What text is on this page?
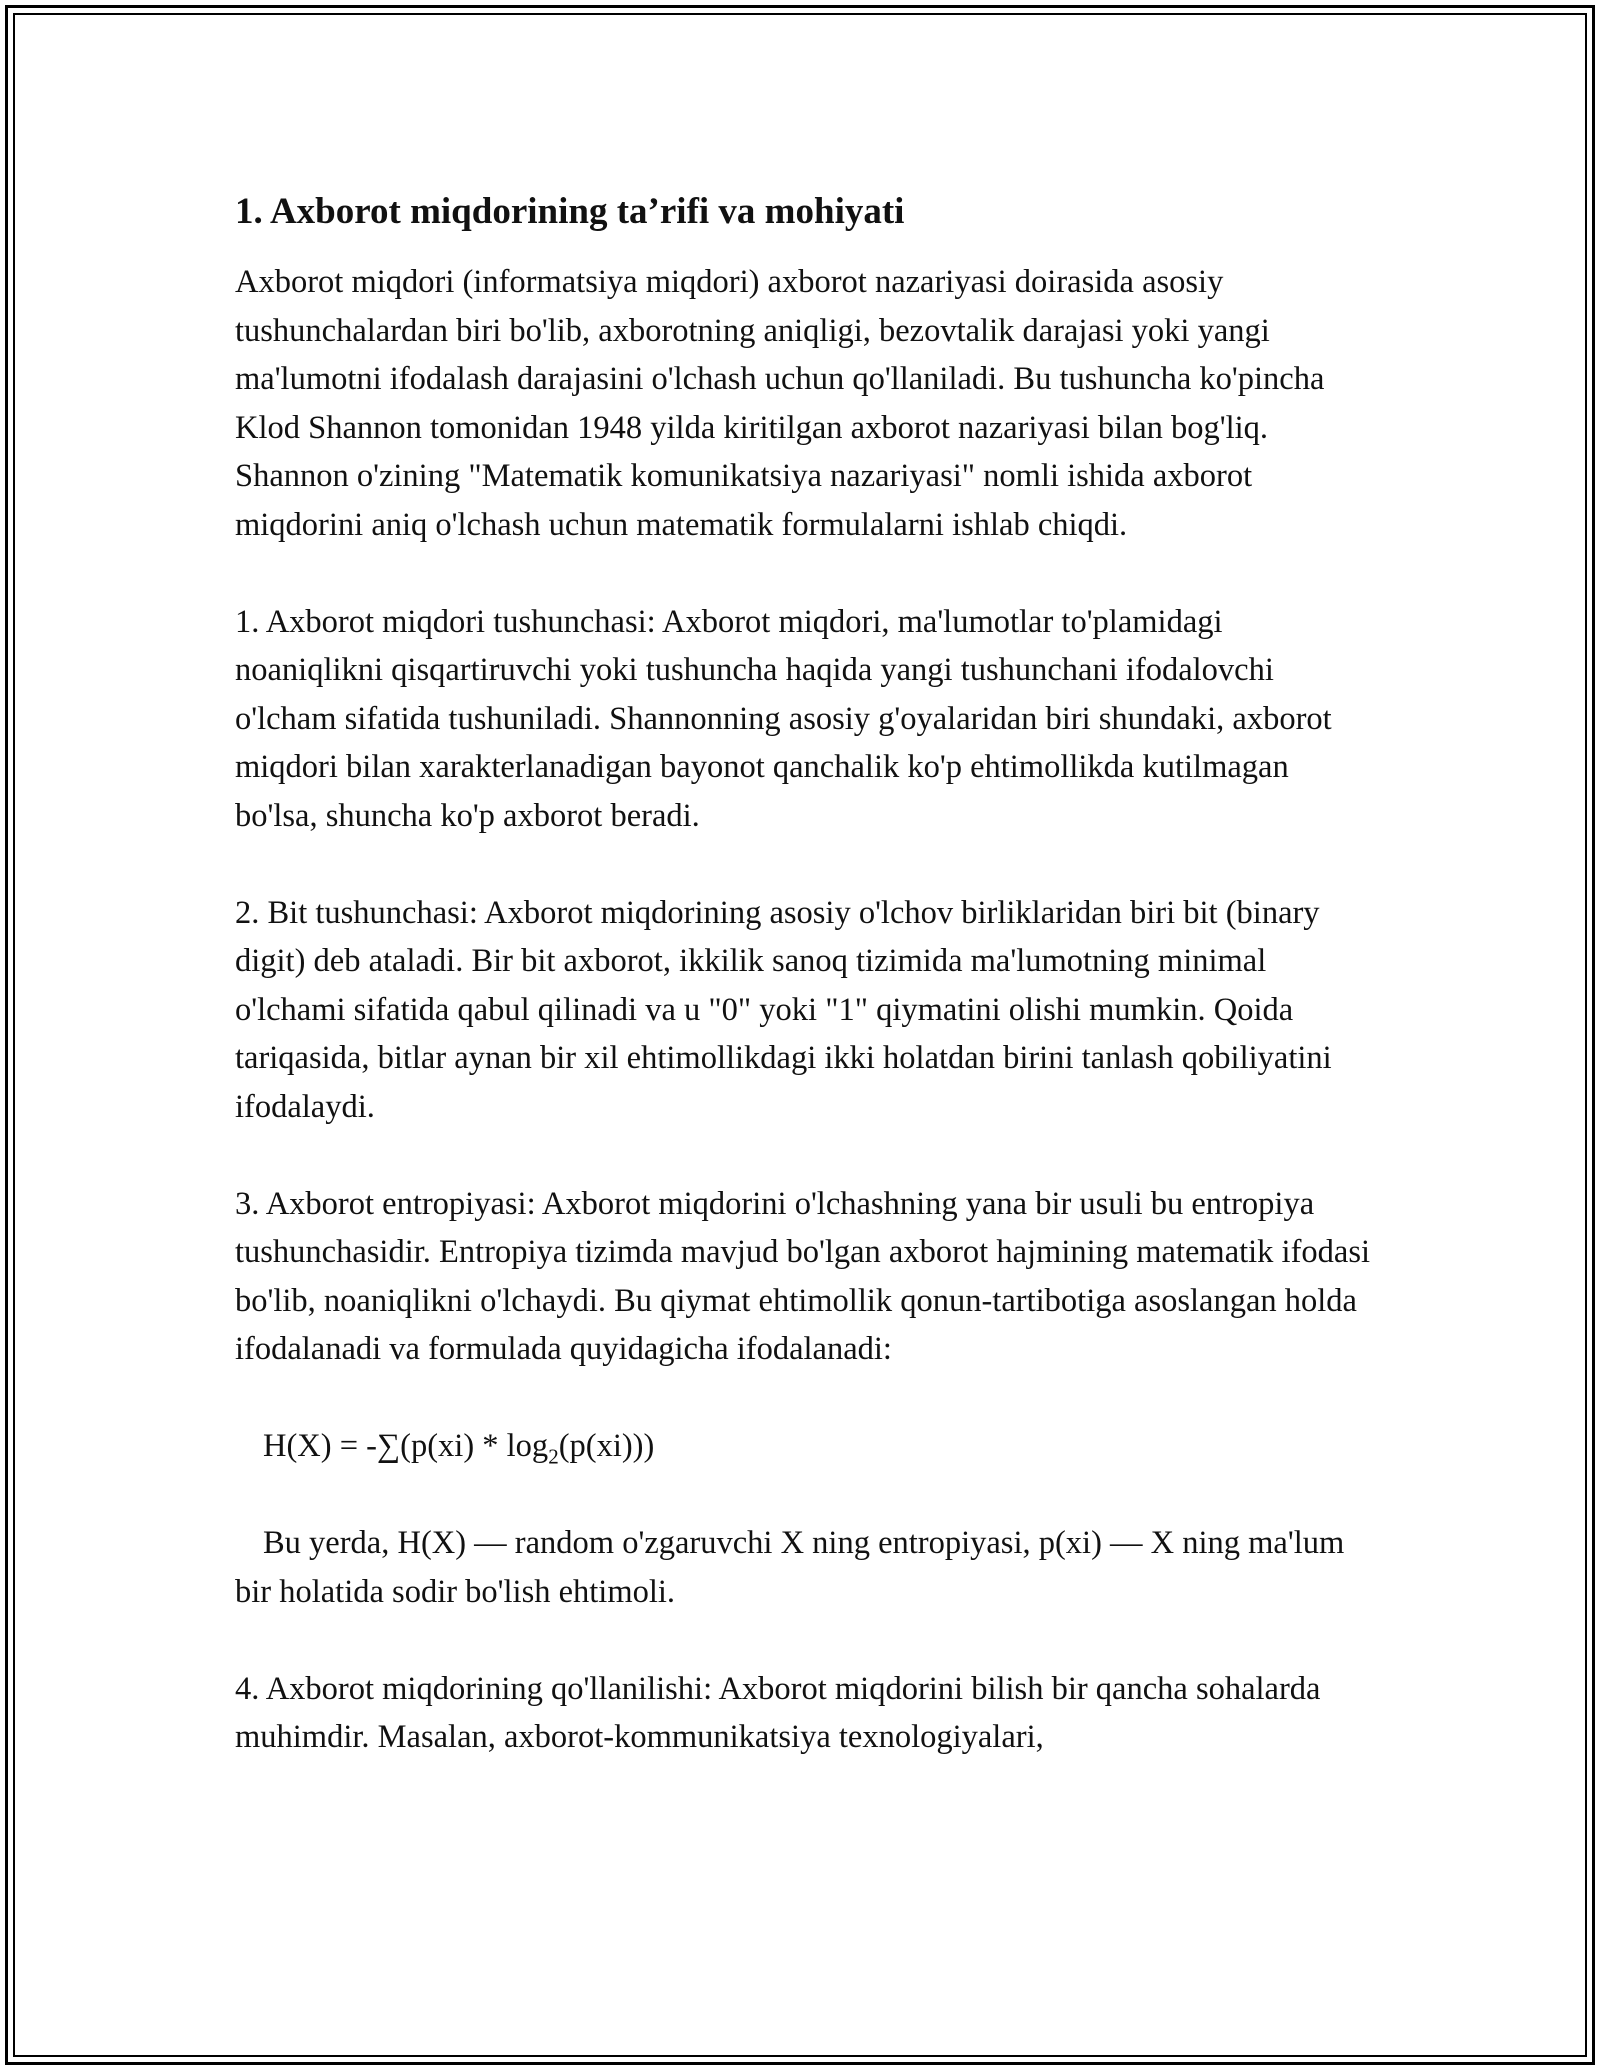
1. Axborot miqdorining ta’rifi va mohiyati

Axborot miqdori (informatsiya miqdori) axborot nazariyasi doirasida asosiy tushunchalardan biri bo'lib, axborotning aniqligi, bezovtalik darajasi yoki yangi ma'lumotni ifodalash darajasini o'lchash uchun qo'llaniladi. Bu tushuncha ko'pincha Klod Shannon tomonidan 1948 yilda kiritilgan axborot nazariyasi bilan bog'liq. Shannon o'zining "Matematik komunikatsiya nazariyasi" nomli ishida axborot miqdorini aniq o'lchash uchun matematik formulalarni ishlab chiqdi.

1. Axborot miqdori tushunchasi: Axborot miqdori, ma'lumotlar to'plamidagi noaniqlikni qisqartiruvchi yoki tushuncha haqida yangi tushunchani ifodalovchi o'lcham sifatida tushuniladi. Shannonning asosiy g'oyalaridan biri shundaki, axborot miqdori bilan xarakterlanadigan bayonot qanchalik ko'p ehtimollikda kutilmagan bo'lsa, shuncha ko'p axborot beradi.

2. Bit tushunchasi: Axborot miqdorining asosiy o'lchov birliklaridan biri bit (binary digit) deb ataladi. Bir bit axborot, ikkilik sanoq tizimida ma'lumotning minimal o'lchami sifatida qabul qilinadi va u "0" yoki "1" qiymatini olishi mumkin. Qoida tariqasida, bitlar aynan bir xil ehtimollikdagi ikki holatdan birini tanlash qobiliyatini ifodalaydi.

3. Axborot entropiyasi: Axborot miqdorini o'lchashning yana bir usuli bu entropiya tushunchasidir. Entropiya tizimda mavjud bo'lgan axborot hajmining matematik ifodasi bo'lib, noaniqlikni o'lchaydi. Bu qiymat ehtimollik qonun-tartibotiga asoslangan holda ifodalanadi va formulada quyidagicha ifodalanadi:

$H(X) = -\sum(p(xi) * \log_2(p(xi)))$

Bu yerda, H(X) — random o'zgaruvchi X ning entropiyasi, p(xi) — X ning ma'lum bir holatida sodir bo'lish ehtimoli.

4. Axborot miqdorining qo'llanilishi: Axborot miqdorini bilish bir qancha sohalarda muhimdir. Masalan, axborot-kommunikatsiya texnologiyalari,
